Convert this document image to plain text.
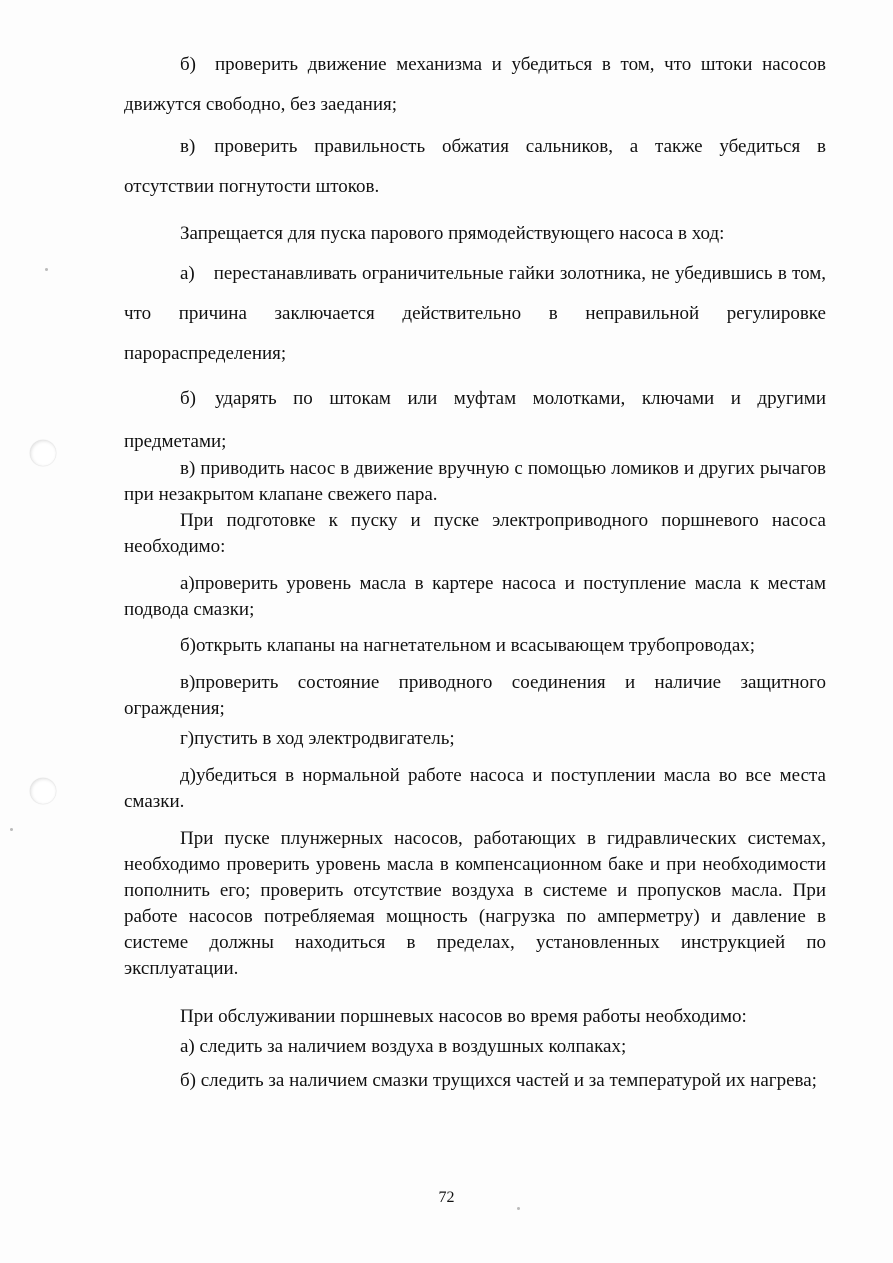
б) проверить движение механизма и убедиться в том, что штоки насосов движутся свободно, без заедания;

в) проверить правильность обжатия сальников, а также убедиться в отсутствии погнутости штоков.

Запрещается для пуска парового прямодействующего насоса в ход:

а) перестанавливать ограничительные гайки золотника, не убедившись в том, что причина заключается действительно в неправильной регулировке парораспределения;

б) ударять по штокам или муфтам молотками, ключами и другими предметами;

в) приводить насос в движение вручную с помощью ломиков и других рычагов при незакрытом клапане свежего пара.

При подготовке к пуску и пуске электроприводного поршневого насоса необходимо:

а)проверить уровень масла в картере насоса и поступление масла к местам подвода смазки;

б)открыть клапаны на нагнетательном и всасывающем трубопроводах;

в)проверить состояние приводного соединения и наличие защитного ограждения;

г)пустить в ход электродвигатель;

д)убедиться в нормальной работе насоса и поступлении масла во все места смазки.

При пуске плунжерных насосов, работающих в гидравлических системах, необходимо проверить уровень масла в компенсационном баке и при необходимости пополнить его; проверить отсутствие воздуха в системе и пропусков масла. При работе насосов потребляемая мощность (нагрузка по амперметру) и давление в системе должны находиться в пределах, установленных инструкцией по эксплуатации.

При обслуживании поршневых насосов во время работы необходимо:

а) следить за наличием воздуха в воздушных колпаках;

б) следить за наличием смазки трущихся частей и за температурой их нагрева;

72
